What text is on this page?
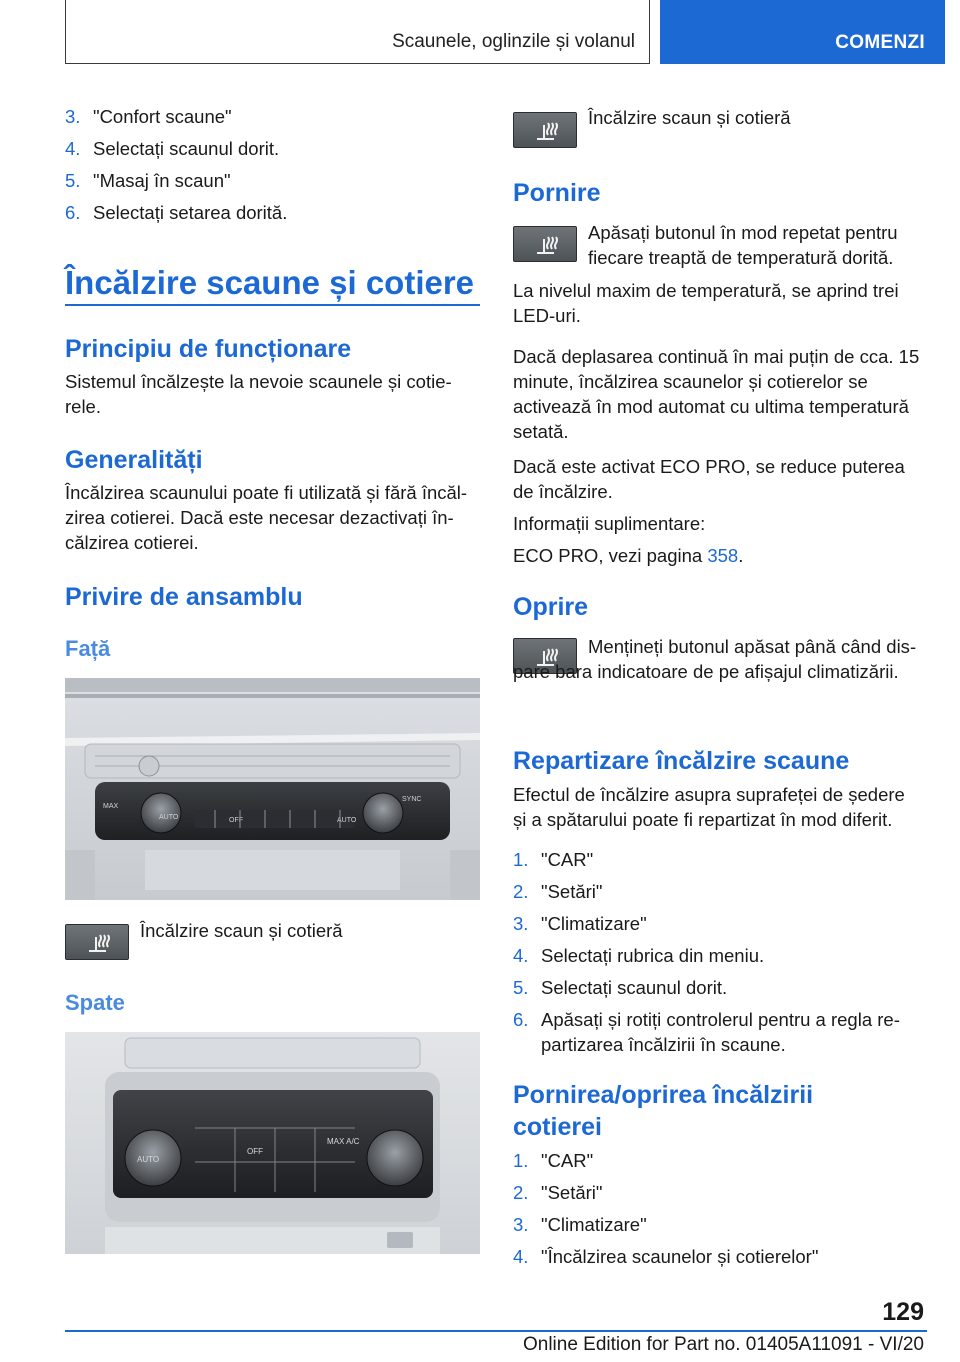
Scaunele, oglinzile și volanul	COMENZI
3. "Confort scaune"
4. Selectați scaunul dorit.
5. "Masaj în scaun"
6. Selectați setarea dorită.
Încălzire scaune și cotiere
Principiu de funcționare
Sistemul încălzește la nevoie scaunele și cotierele.
Generalități
Încălzirea scaunului poate fi utilizată și fără încălzirea cotierei. Dacă este necesar dezactivați încălzirea cotierei.
Privire de ansamblu
Față
MAX
AUTO	OFF
SYNC
AUTO
Încălzire scaun și cotieră
Spate
AUTO
OFF
MAX A/C
Încălzire scaun și cotieră
Pornire
Apăsați butonul în mod repetat pentru fiecare treaptă de temperatură dorită.
La nivelul maxim de temperatură, se aprind trei LED-uri.
Dacă deplasarea continuă în mai puțin de cca. 15 minute, încălzirea scaunelor și cotierelor se activează în mod automat cu ultima temperatură setată.
Dacă este activat ECO PRO, se reduce puterea de încălzire.
Informații suplimentare:
ECO PRO, vezi pagina 358.
Oprire
Mențineți butonul apăsat până când dispare bara indicatoare de pe afișajul climatizării.
Repartizare încălzire scaune
Efectul de încălzire asupra suprafeței de ședere și a spătarului poate fi repartizat în mod diferit.
1. "CAR"
2. "Setări"
3. "Climatizare"
4. Selectați rubrica din meniu.
5. Selectați scaunul dorit.
6. Apăsați și rotiți controlerul pentru a regla repartizarea încălzirii în scaune.
Pornirea/oprirea încălzirii
cotierei
1. "CAR"
2. "Setări"
3. "Climatizare"
4. "Încălzirea scaunelor și cotierelor"
129
Online Edition for Part no. 01405A11091 - VI/20
